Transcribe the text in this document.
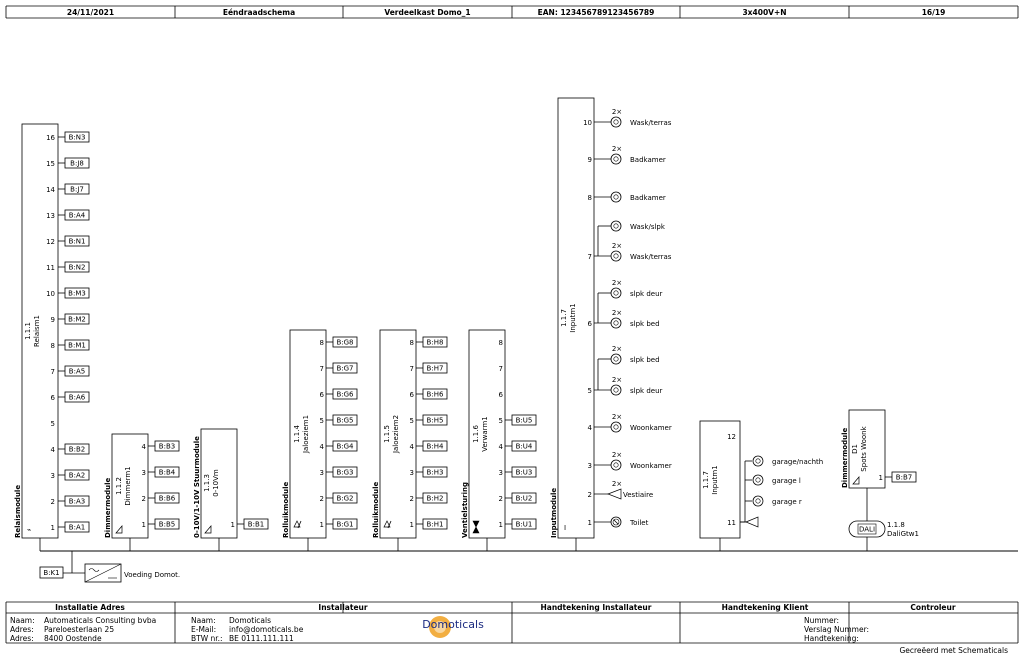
24/11/2021	Eéndraadschema	Verdeelkast Domo_1	EAN: 123456789123456789	3x400V+N	16/19
Relaismodule
1.1.1 Relaism1
16 B:N3
15 B:J8
14 B:J7
13 B:A4
12 B:N1
11 B:N2
10 B:M3
9 B:M2
8 B:M1
7 B:A5
6 B:A6
5
4 B:B2
3 B:A2
2 B:A3
1 B:A1
⌁	Dimmermodule 1.1.2 Dimmerm1
4 B:B3
3 B:B4
2 B:B6
1 B:B5	0-10V/1-10V Stuurmodule 1.1.3 0-10Vm
1 B:B1	Rolluikmodule
1.1.4 Jaloeziem1
8 B:G8
7 B:G7
6 B:G6
5 B:G5
4 B:G4
3 B:G3
2 B:G2
1 B:G1	Rolluikmodule
1.1.5 Jaloeziem2
8 B:H8
7 B:H7
6 B:H6
5 B:H5
4 B:H4
3 B:H3
2 B:H2
1 B:H1	Ventielsturing
1.1.6 Verwarm1
8
7
6
5 B:U5
4 B:U4
3 B:U3
2 B:U2
1 B:U1	Inputmodule
1.1.7 Inputm1
I
10
9
8
7
6
5
4
3
2
1
2×
Wask/terras
2×
Badkamer
Badkamer
Wask/slpk
2×
Wask/terras
2×
slpk deur
2×
slpk bed
2×
slpk bed
2×
slpk deur
2×
Woonkamer
2×
Woonkamer
2×
Vestiaire
Toilet
1.1.7 Inputm1
12
11
garage/nachth
garage l
garage r
Dimmermodule D1 Spots Woonk
1 B:B7
DALI
1.1.8
DaliGtw1
B:K1	Voeding Domot.
Installatie Adres
Naam: Automaticals Consulting bvba
Adres: Pareloesterlaan 25
Adres: 8400 Oostende
Installateur
Naam: Domoticals
E-Mail: info@domoticals.be
BTW nr.: BE 0111.111.111
Domoticals
Handtekening Installateur	Handtekening Klient	Controleur
Nummer:
Verslag Nummer:
Handtekening:
Gecreëerd met Schematicals
